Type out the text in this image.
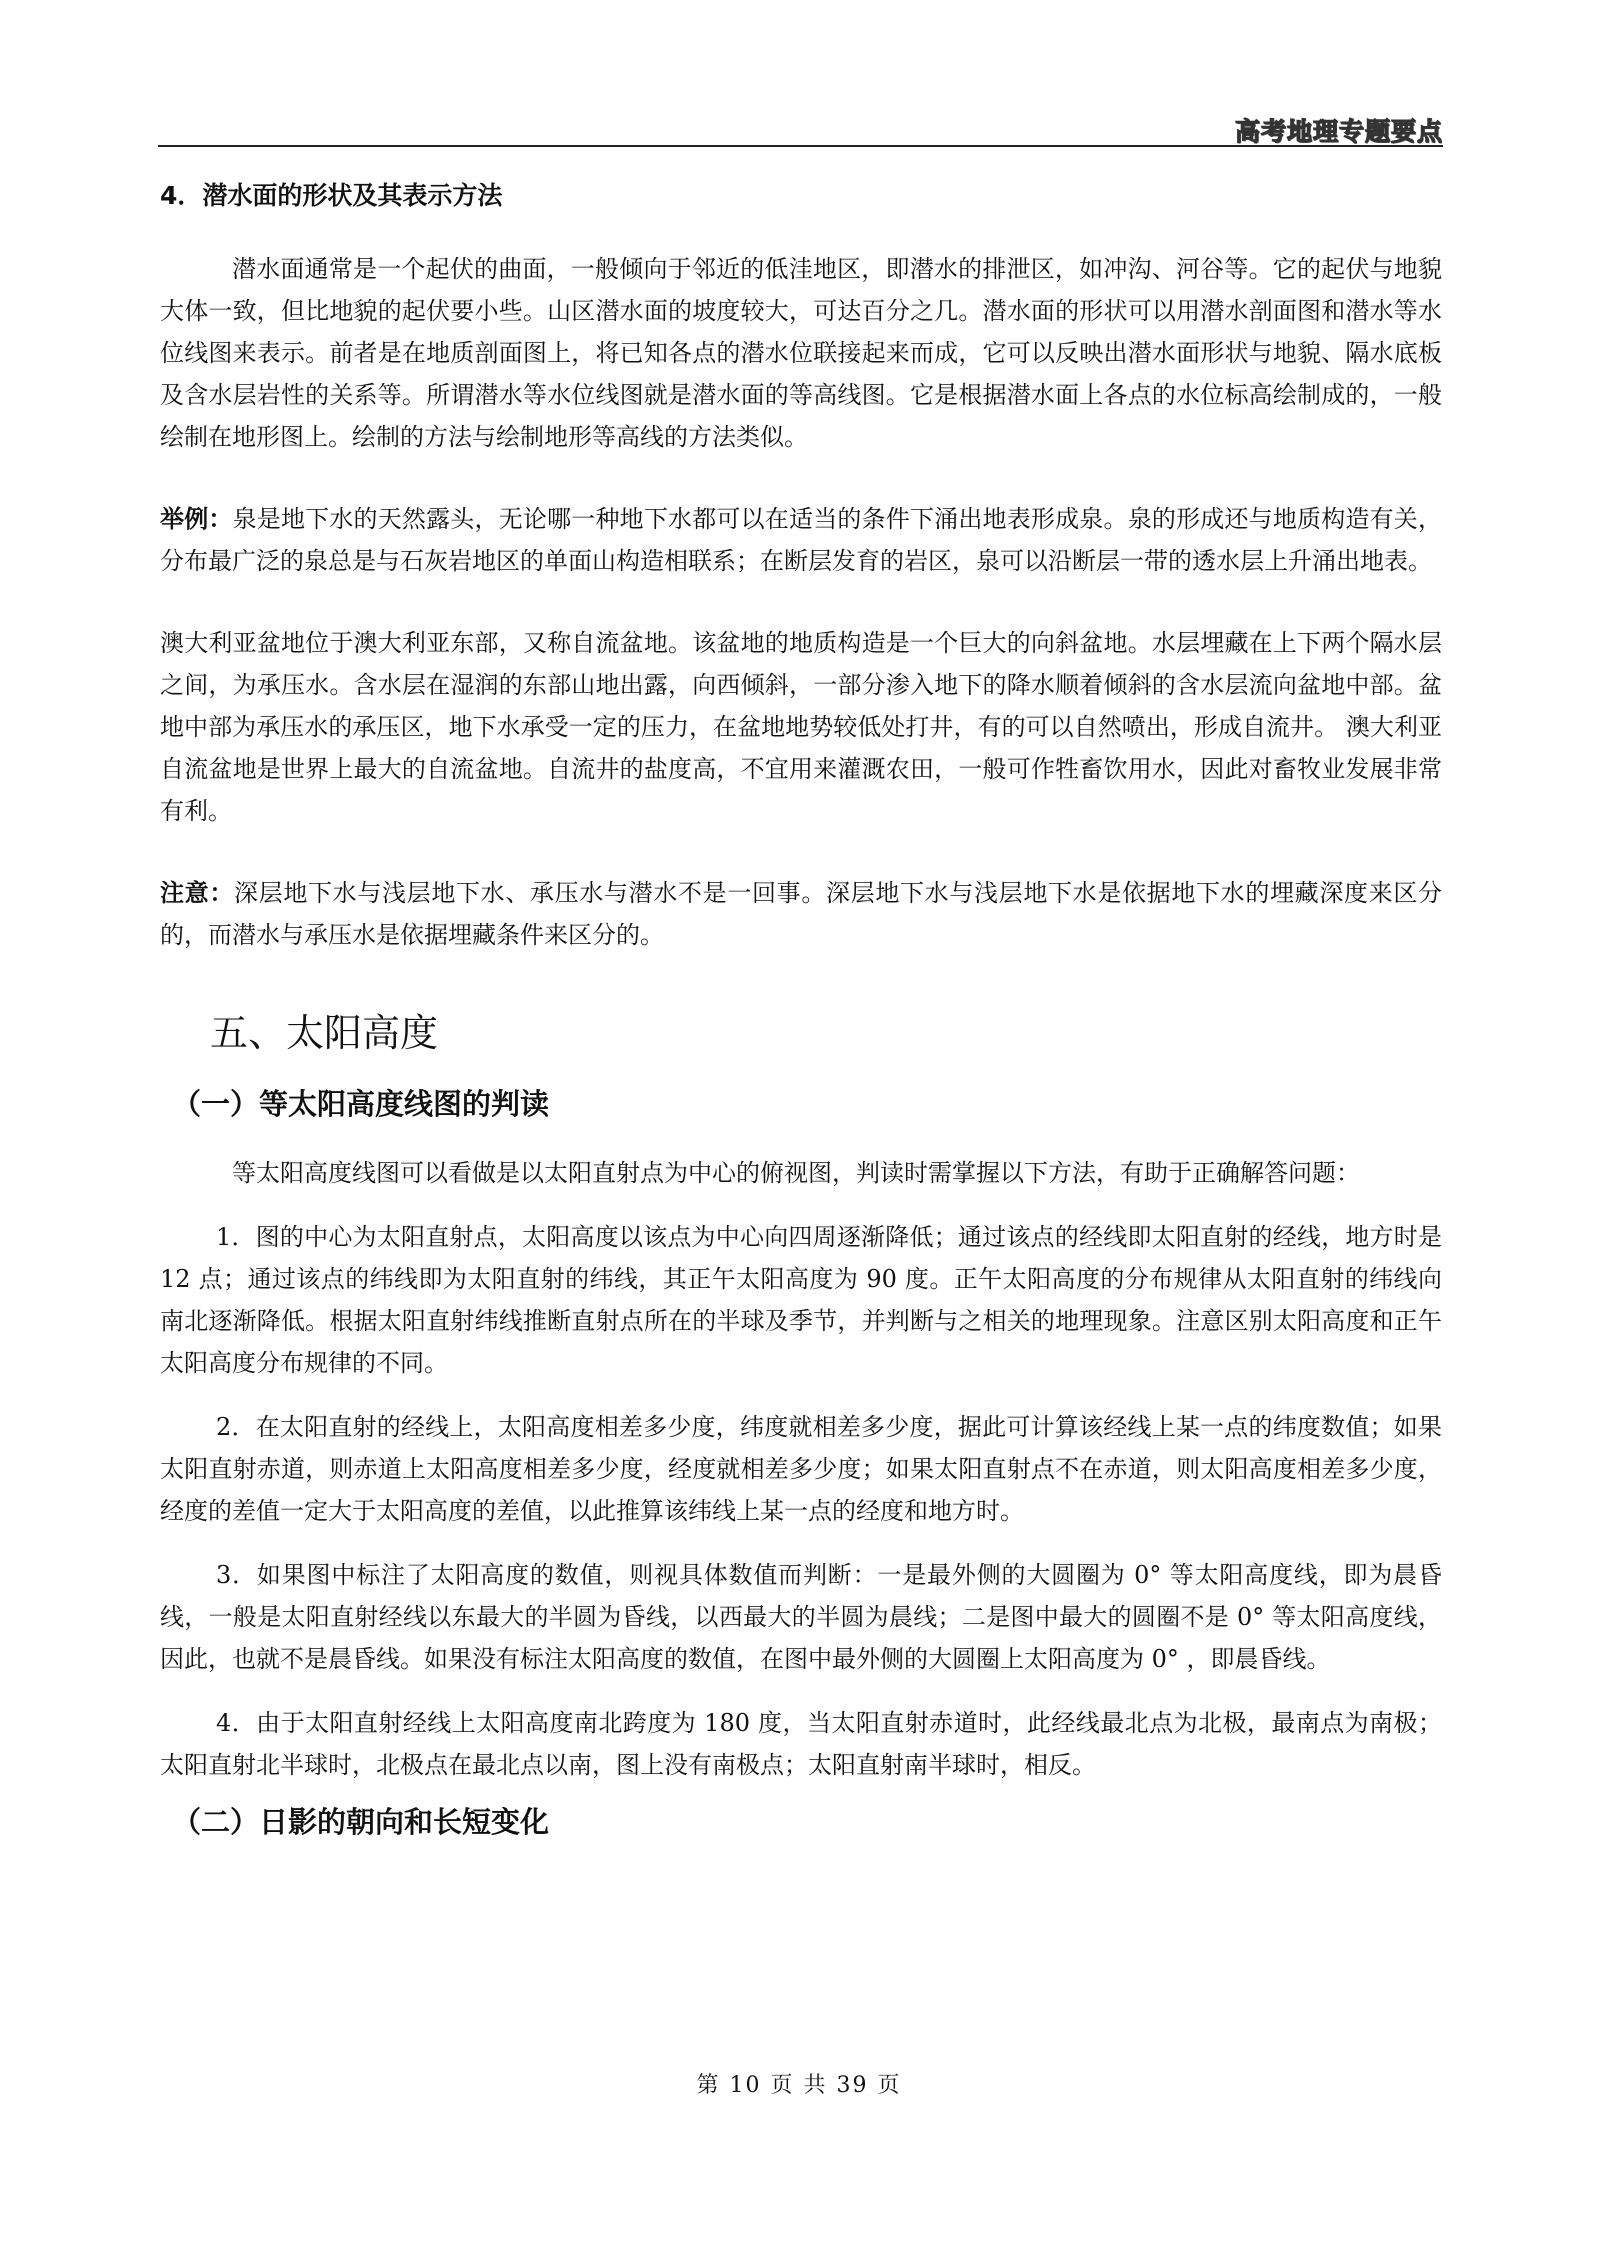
高考地理专题要点
4．潜水面的形状及其表示方法

潜水面通常是一个起伏的曲面，一般倾向于邻近的低洼地区，即潜水的排泄区，如冲沟、河谷等。它的起伏与地貌大体一致，但比地貌的起伏要小些。山区潜水面的坡度较大，可达百分之几。潜水面的形状可以用潜水剖面图和潜水等水位线图来表示。前者是在地质剖面图上，将已知各点的潜水位联接起来而成，它可以反映出潜水面形状与地貌、隔水底板及含水层岩性的关系等。所谓潜水等水位线图就是潜水面的等高线图。它是根据潜水面上各点的水位标高绘制成的，一般绘制在地形图上。绘制的方法与绘制地形等高线的方法类似。

举例：泉是地下水的天然露头，无论哪一种地下水都可以在适当的条件下涌出地表形成泉。泉的形成还与地质构造有关，分布最广泛的泉总是与石灰岩地区的单面山构造相联系；在断层发育的岩区，泉可以沿断层一带的透水层上升涌出地表。

澳大利亚盆地位于澳大利亚东部，又称自流盆地。该盆地的地质构造是一个巨大的向斜盆地。水层埋藏在上下两个隔水层之间，为承压水。含水层在湿润的东部山地出露，向西倾斜，一部分渗入地下的降水顺着倾斜的含水层流向盆地中部。盆地中部为承压水的承压区，地下水承受一定的压力，在盆地地势较低处打井，有的可以自然喷出，形成自流井。 澳大利亚自流盆地是世界上最大的自流盆地。自流井的盐度高，不宜用来灌溉农田，一般可作牲畜饮用水，因此对畜牧业发展非常有利。

注意：深层地下水与浅层地下水、承压水与潜水不是一回事。深层地下水与浅层地下水是依据地下水的埋藏深度来区分的，而潜水与承压水是依据埋藏条件来区分的。

五、太阳高度
（一）等太阳高度线图的判读

等太阳高度线图可以看做是以太阳直射点为中心的俯视图，判读时需掌握以下方法，有助于正确解答问题：

1．图的中心为太阳直射点，太阳高度以该点为中心向四周逐渐降低；通过该点的经线即太阳直射的经线，地方时是 12 点；通过该点的纬线即为太阳直射的纬线，其正午太阳高度为 90 度。正午太阳高度的分布规律从太阳直射的纬线向南北逐渐降低。根据太阳直射纬线推断直射点所在的半球及季节，并判断与之相关的地理现象。注意区别太阳高度和正午太阳高度分布规律的不同。

2．在太阳直射的经线上，太阳高度相差多少度，纬度就相差多少度，据此可计算该经线上某一点的纬度数值；如果太阳直射赤道，则赤道上太阳高度相差多少度，经度就相差多少度；如果太阳直射点不在赤道，则太阳高度相差多少度，经度的差值一定大于太阳高度的差值，以此推算该纬线上某一点的经度和地方时。

3．如果图中标注了太阳高度的数值，则视具体数值而判断：一是最外侧的大圆圈为 0° 等太阳高度线，即为晨昏线，一般是太阳直射经线以东最大的半圆为昏线，以西最大的半圆为晨线；二是图中最大的圆圈不是 0° 等太阳高度线，因此，也就不是晨昏线。如果没有标注太阳高度的数值，在图中最外侧的大圆圈上太阳高度为 0° ，即晨昏线。

4．由于太阳直射经线上太阳高度南北跨度为 180 度，当太阳直射赤道时，此经线最北点为北极，最南点为南极；太阳直射北半球时，北极点在最北点以南，图上没有南极点；太阳直射南半球时，相反。

（二）日影的朝向和长短变化
第 10 页 共 39 页
